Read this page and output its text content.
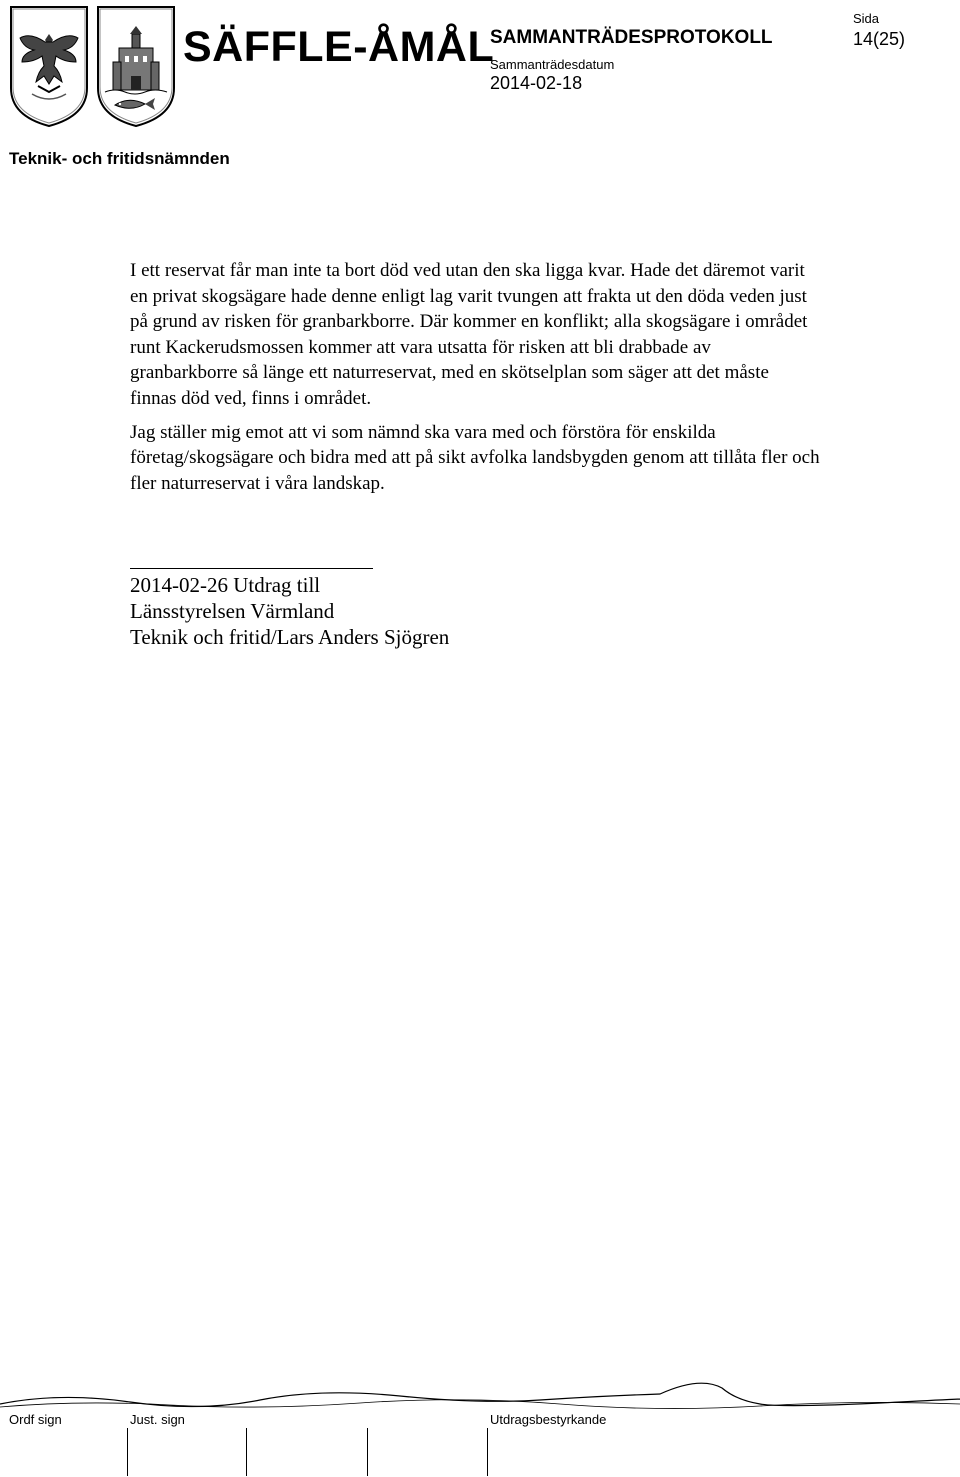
SÄFFLE-ÅMÅL
SAMMANTRÄDESPROTOKOLL
Sammanträdesdatum
2014-02-18
Sida
14(25)
Teknik- och fritidsnämnden

I ett reservat får man inte ta bort död ved utan den ska ligga kvar. Hade det däremot varit en privat skogsägare hade denne enligt lag varit tvungen att frakta ut den döda veden just på grund av risken för granbarkborre. Där kommer en konflikt; alla skogsägare i området runt Kackerudsmossen kommer att vara utsatta för risken att bli drabbade av granbarkborre så länge ett naturreservat, med en skötselplan som säger att det måste finnas död ved, finns i området.

Jag ställer mig emot att vi som nämnd ska vara med och förstöra för enskilda företag/skogsägare och bidra med att på sikt avfolka landsbygden genom att tillåta fler och fler naturreservat i våra landskap.

2014-02-26 Utdrag till
Länsstyrelsen Värmland
Teknik och fritid/Lars Anders Sjögren
Ordf sign	Just. sign	Utdragsbestyrkande
